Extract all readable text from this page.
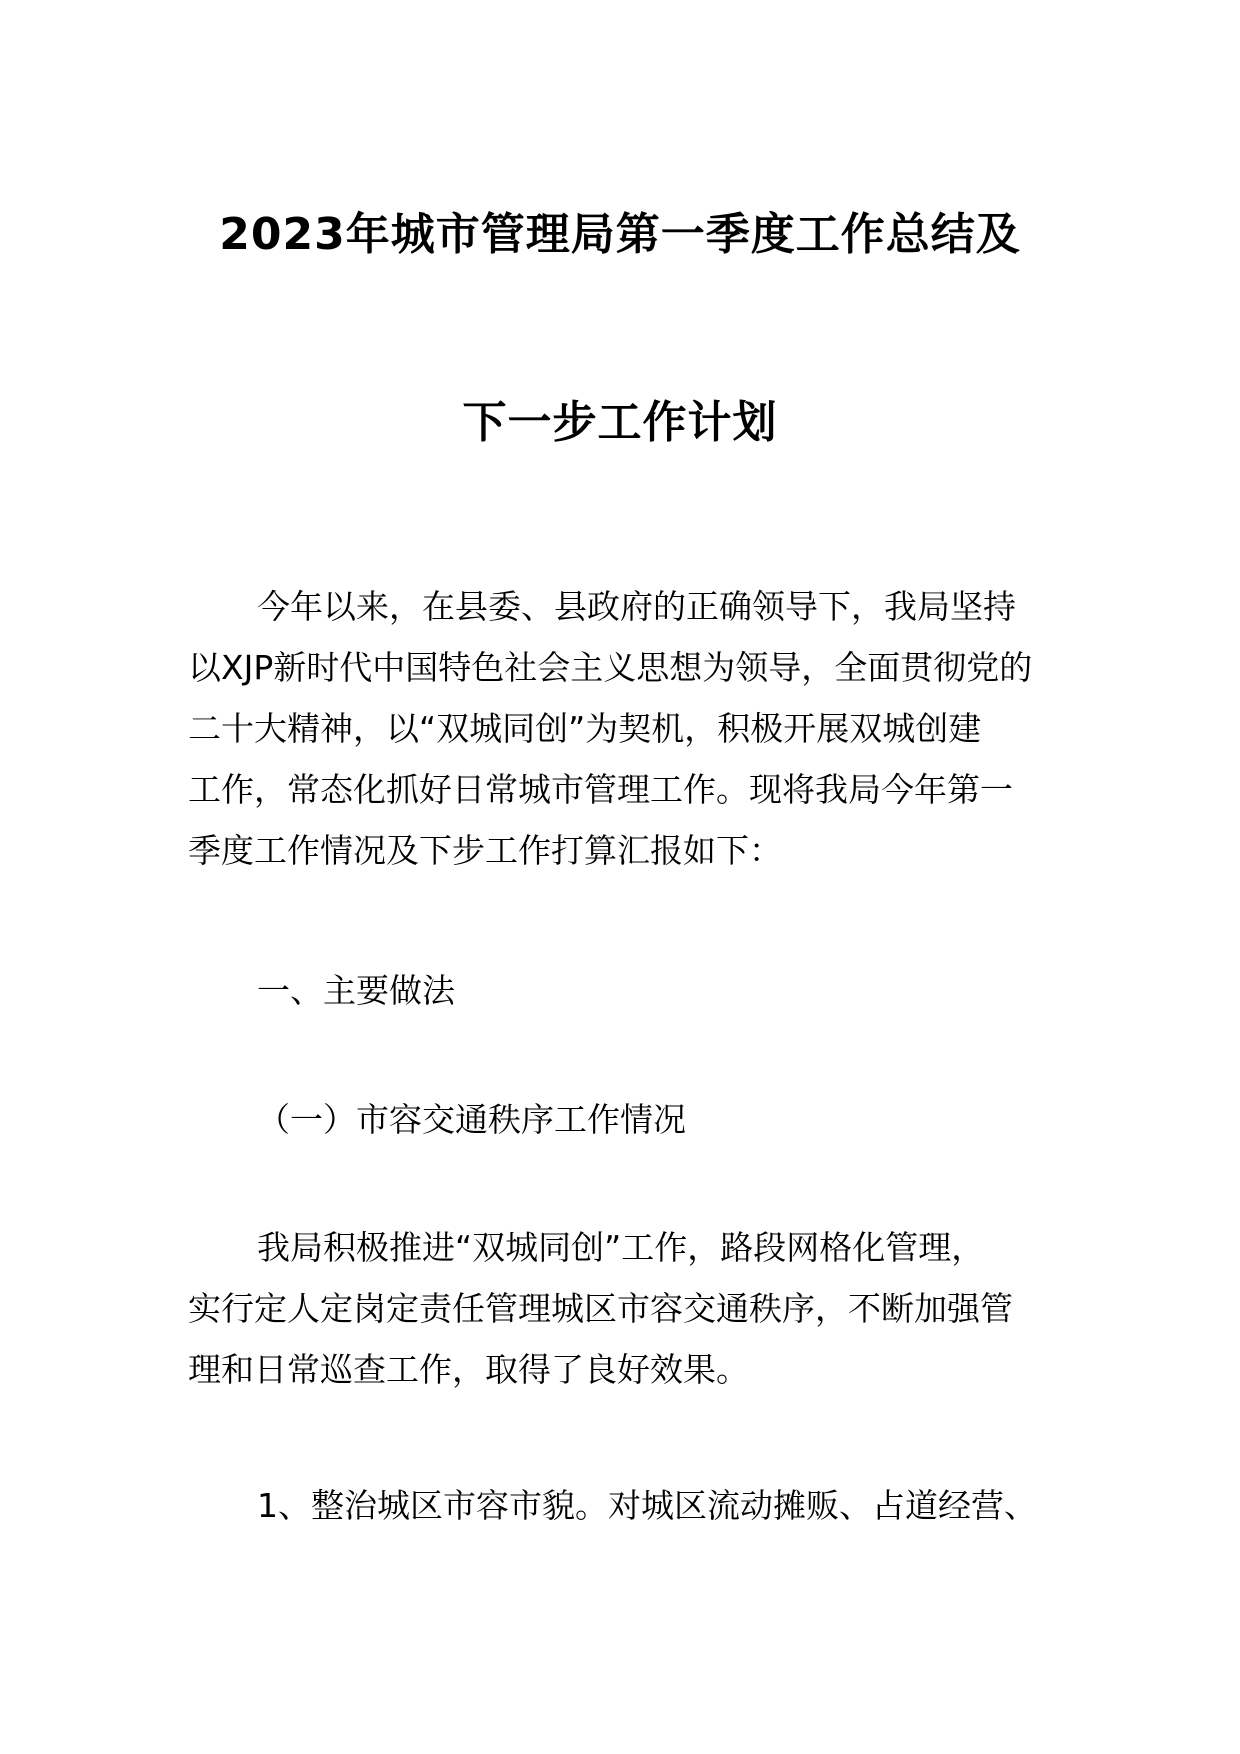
2023年城市管理局第一季度工作总结及
下一步工作计划
今年以来，在县委、县政府的正确领导下，我局坚持
以XJP新时代中国特色社会主义思想为领导，全面贯彻党的
二十大精神，以“双城同创”为契机，积极开展双城创建
工作，常态化抓好日常城市管理工作。现将我局今年第一
季度工作情况及下步工作打算汇报如下：
一、主要做法
（一）市容交通秩序工作情况
我局积极推进“双城同创”工作，路段网格化管理，
实行定人定岗定责任管理城区市容交通秩序，不断加强管
理和日常巡查工作，取得了良好效果。
1、整治城区市容市貌。对城区流动摊贩、占道经营、
